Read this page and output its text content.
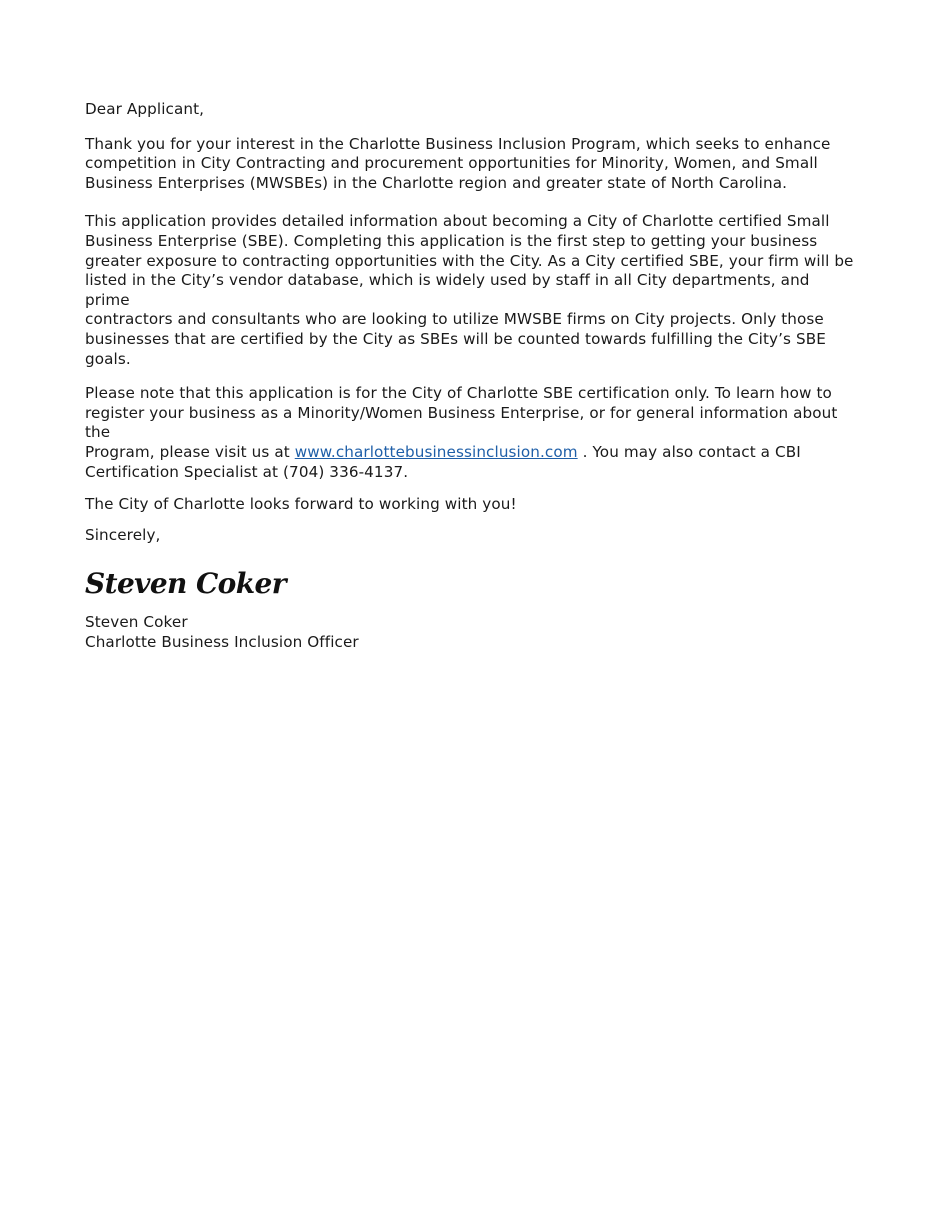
Dear Applicant,

Thank you for your interest in the Charlotte Business Inclusion Program, which seeks to enhance
competition in City Contracting and procurement opportunities for Minority, Women, and Small
Business Enterprises (MWSBEs) in the Charlotte region and greater state of North Carolina.

This application provides detailed information about becoming a City of Charlotte certified Small
Business Enterprise (SBE). Completing this application is the first step to getting your business
greater exposure to contracting opportunities with the City. As a City certified SBE, your firm will be
listed in the City’s vendor database, which is widely used by staff in all City departments, and prime
contractors and consultants who are looking to utilize MWSBE firms on City projects. Only those
businesses that are certified by the City as SBEs will be counted towards fulfilling the City’s SBE
goals.

Please note that this application is for the City of Charlotte SBE certification only. To learn how to
register your business as a Minority/Women Business Enterprise, or for general information about the
Program, please visit us at www.charlottebusinessinclusion.com . You may also contact a CBI
Certification Specialist at (704) 336-4137.

The City of Charlotte looks forward to working with you!

Sincerely,

Steven Coker
Steven Coker
Charlotte Business Inclusion Officer
